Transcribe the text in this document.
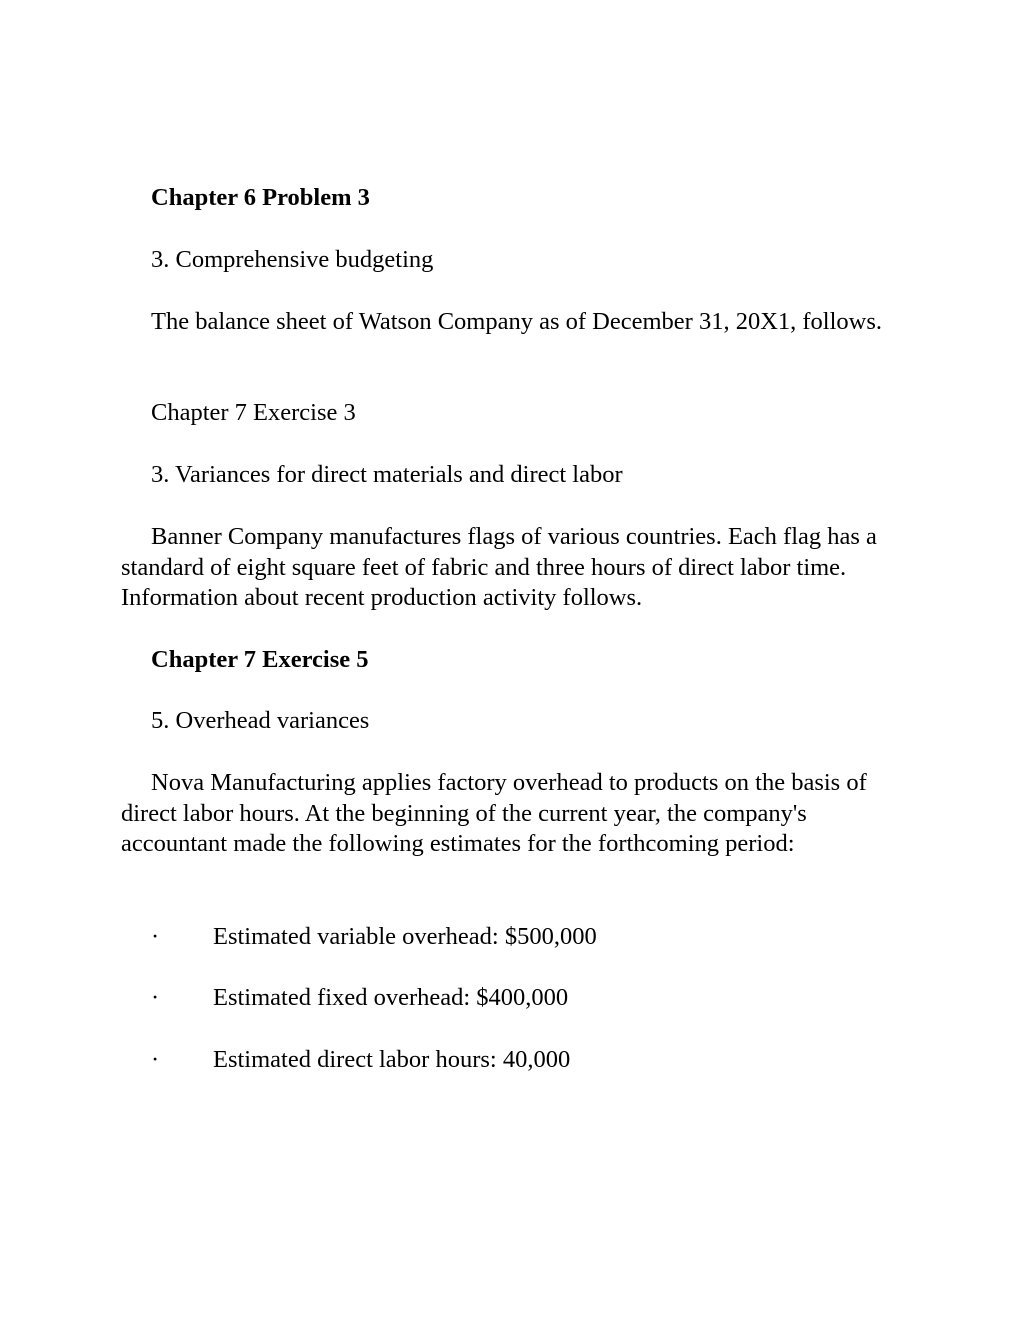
Chapter 6 Problem 3

3. Comprehensive budgeting

The balance sheet of Watson Company as of December 31, 20X1, follows.

Chapter 7 Exercise 3

3. Variances for direct materials and direct labor

Banner Company manufactures flags of various countries. Each flag has a standard of eight square feet of fabric and three hours of direct labor time. Information about recent production activity follows.

Chapter 7 Exercise 5

5. Overhead variances

Nova Manufacturing applies factory overhead to products on the basis of direct labor hours. At the beginning of the current year, the company's accountant made the following estimates for the forthcoming period:

· Estimated variable overhead: $500,000
· Estimated fixed overhead: $400,000
· Estimated direct labor hours: 40,000
